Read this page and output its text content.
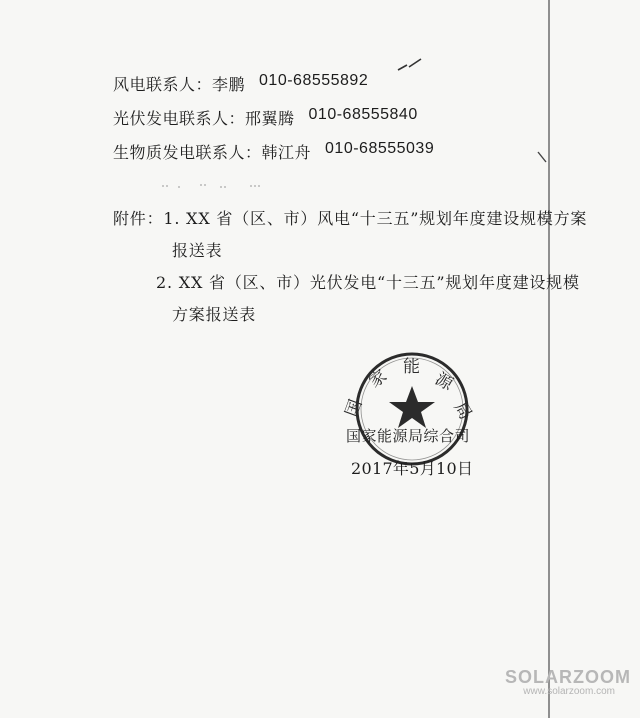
风电联系人：李鹏 010-68555892
光伏发电联系人：邢翼腾 010-68555840
生物质发电联系人：韩江舟 010-68555039
附件：1. XX 省（区、市）风电“十三五”规划年度建设规模方案
报送表
2. XX 省（区、市）光伏发电“十三五”规划年度建设规模
方案报送表
家 能
源
国	局
国家能源局综合司
2017年5月10日
SOLARZOOM
www.solarzoom.com
